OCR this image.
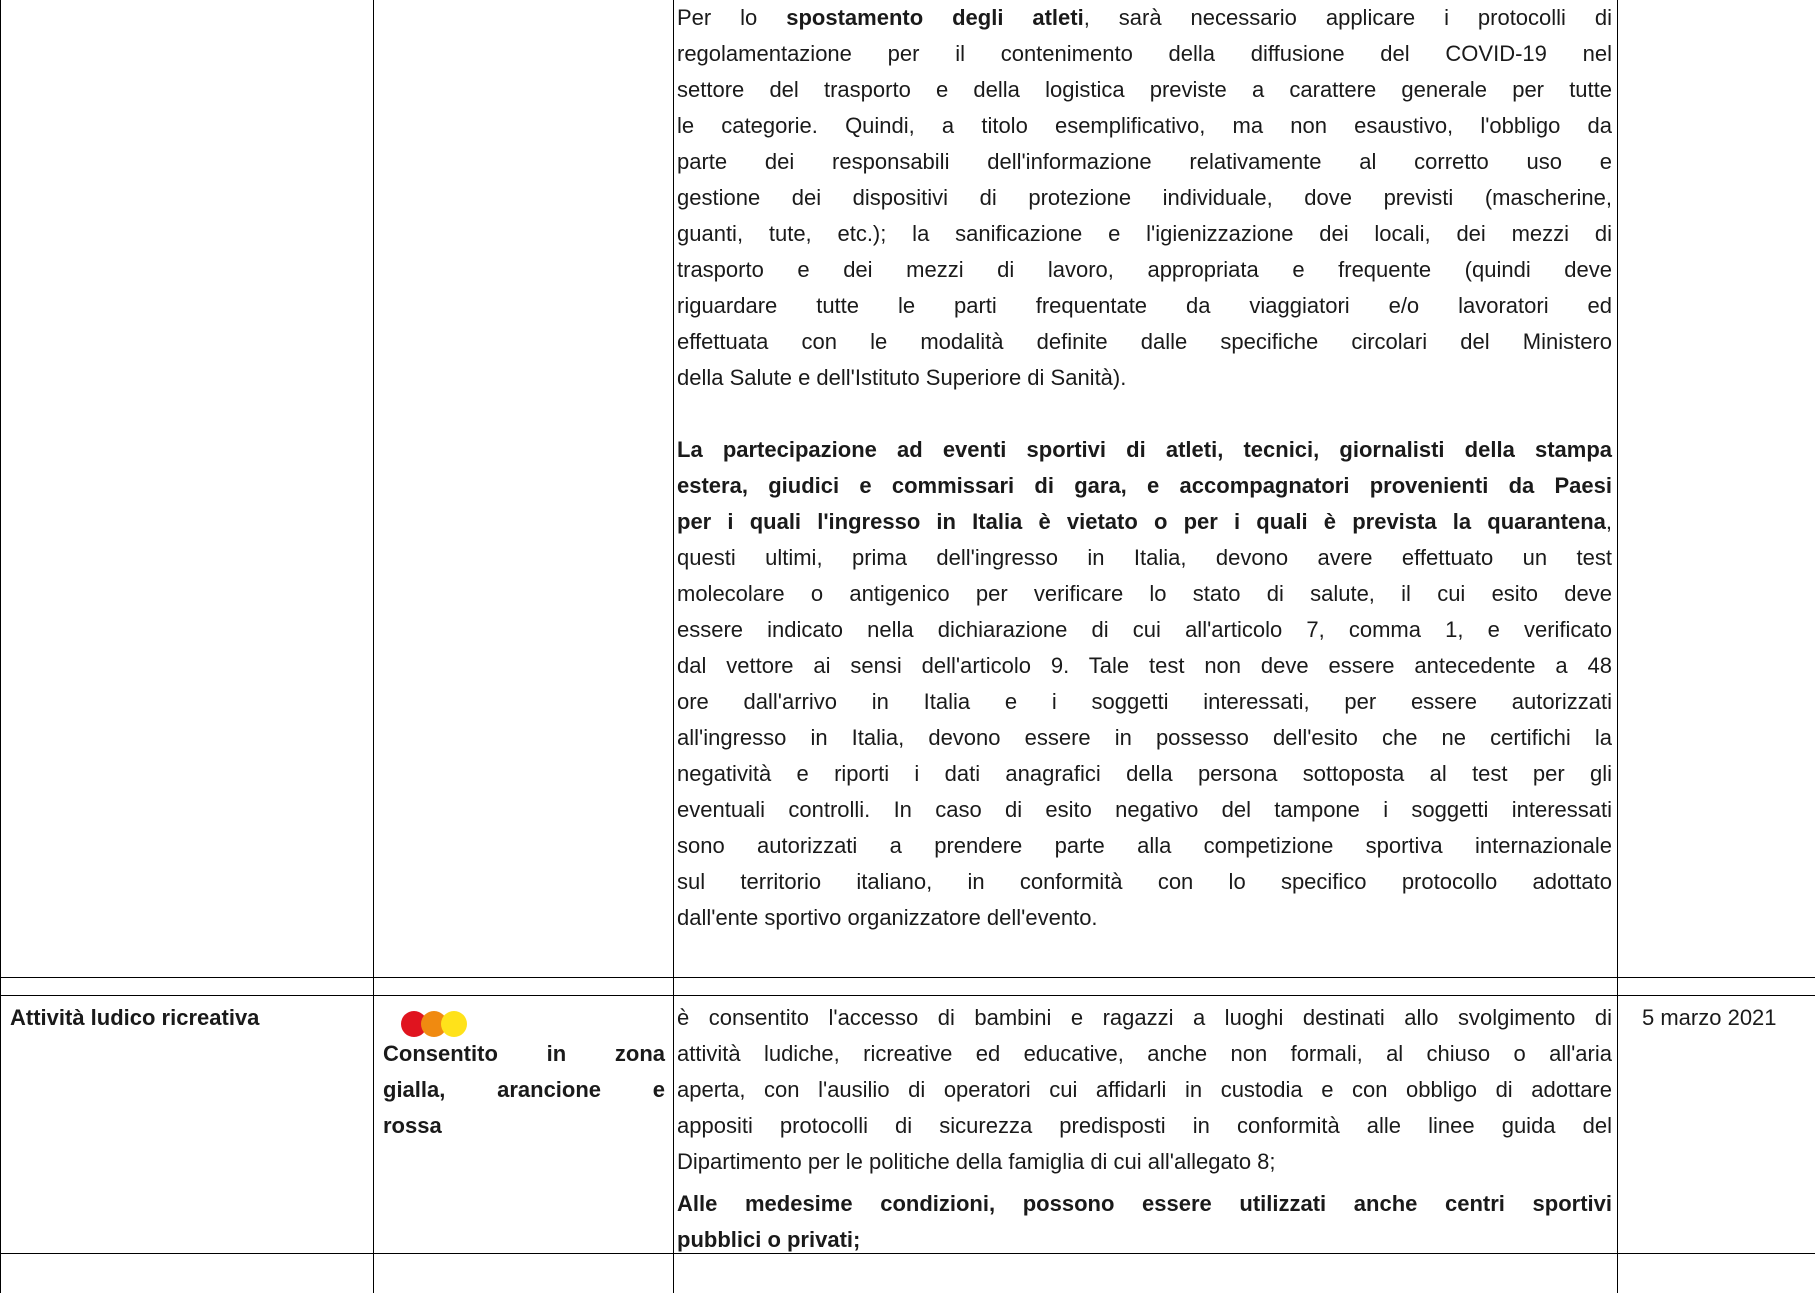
Per lo spostamento degli atleti, sarà necessario applicare i protocolli di
regolamentazione per il contenimento della diffusione del COVID-19 nel
settore del trasporto e della logistica previste a carattere generale per tutte
le categorie. Quindi, a titolo esemplificativo, ma non esaustivo, l'obbligo da
parte dei responsabili dell'informazione relativamente al corretto uso e
gestione dei dispositivi di protezione individuale, dove previsti (mascherine,
guanti, tute, etc.); la sanificazione e l'igienizzazione dei locali, dei mezzi di
trasporto e dei mezzi di lavoro, appropriata e frequente (quindi deve
riguardare tutte le parti frequentate da viaggiatori e/o lavoratori ed
effettuata con le modalità definite dalle specifiche circolari del Ministero
della Salute e dell'Istituto Superiore di Sanità).
La partecipazione ad eventi sportivi di atleti, tecnici, giornalisti della stampa
estera, giudici e commissari di gara, e accompagnatori provenienti da Paesi
per i quali l'ingresso in Italia è vietato o per i quali è prevista la quarantena,
questi ultimi, prima dell'ingresso in Italia, devono avere effettuato un test
molecolare o antigenico per verificare lo stato di salute, il cui esito deve
essere indicato nella dichiarazione di cui all'articolo 7, comma 1, e verificato
dal vettore ai sensi dell'articolo 9. Tale test non deve essere antecedente a 48
ore dall'arrivo in Italia e i soggetti interessati, per essere autorizzati
all'ingresso in Italia, devono essere in possesso dell'esito che ne certifichi la
negatività e riporti i dati anagrafici della persona sottoposta al test per gli
eventuali controlli. In caso di esito negativo del tampone i soggetti interessati
sono autorizzati a prendere parte alla competizione sportiva internazionale
sul territorio italiano, in conformità con lo specifico protocollo adottato
dall'ente sportivo organizzatore dell'evento.
Attività ludico ricreativa
Consentito in zona
gialla, arancione e
rossa
è consentito l'accesso di bambini e ragazzi a luoghi destinati allo svolgimento di
attività ludiche, ricreative ed educative, anche non formali, al chiuso o all'aria
aperta, con l'ausilio di operatori cui affidarli in custodia e con obbligo di adottare
appositi protocolli di sicurezza predisposti in conformità alle linee guida del
Dipartimento per le politiche della famiglia di cui all'allegato 8;
Alle medesime condizioni, possono essere utilizzati anche centri sportivi
pubblici o privati;
5 marzo 2021
